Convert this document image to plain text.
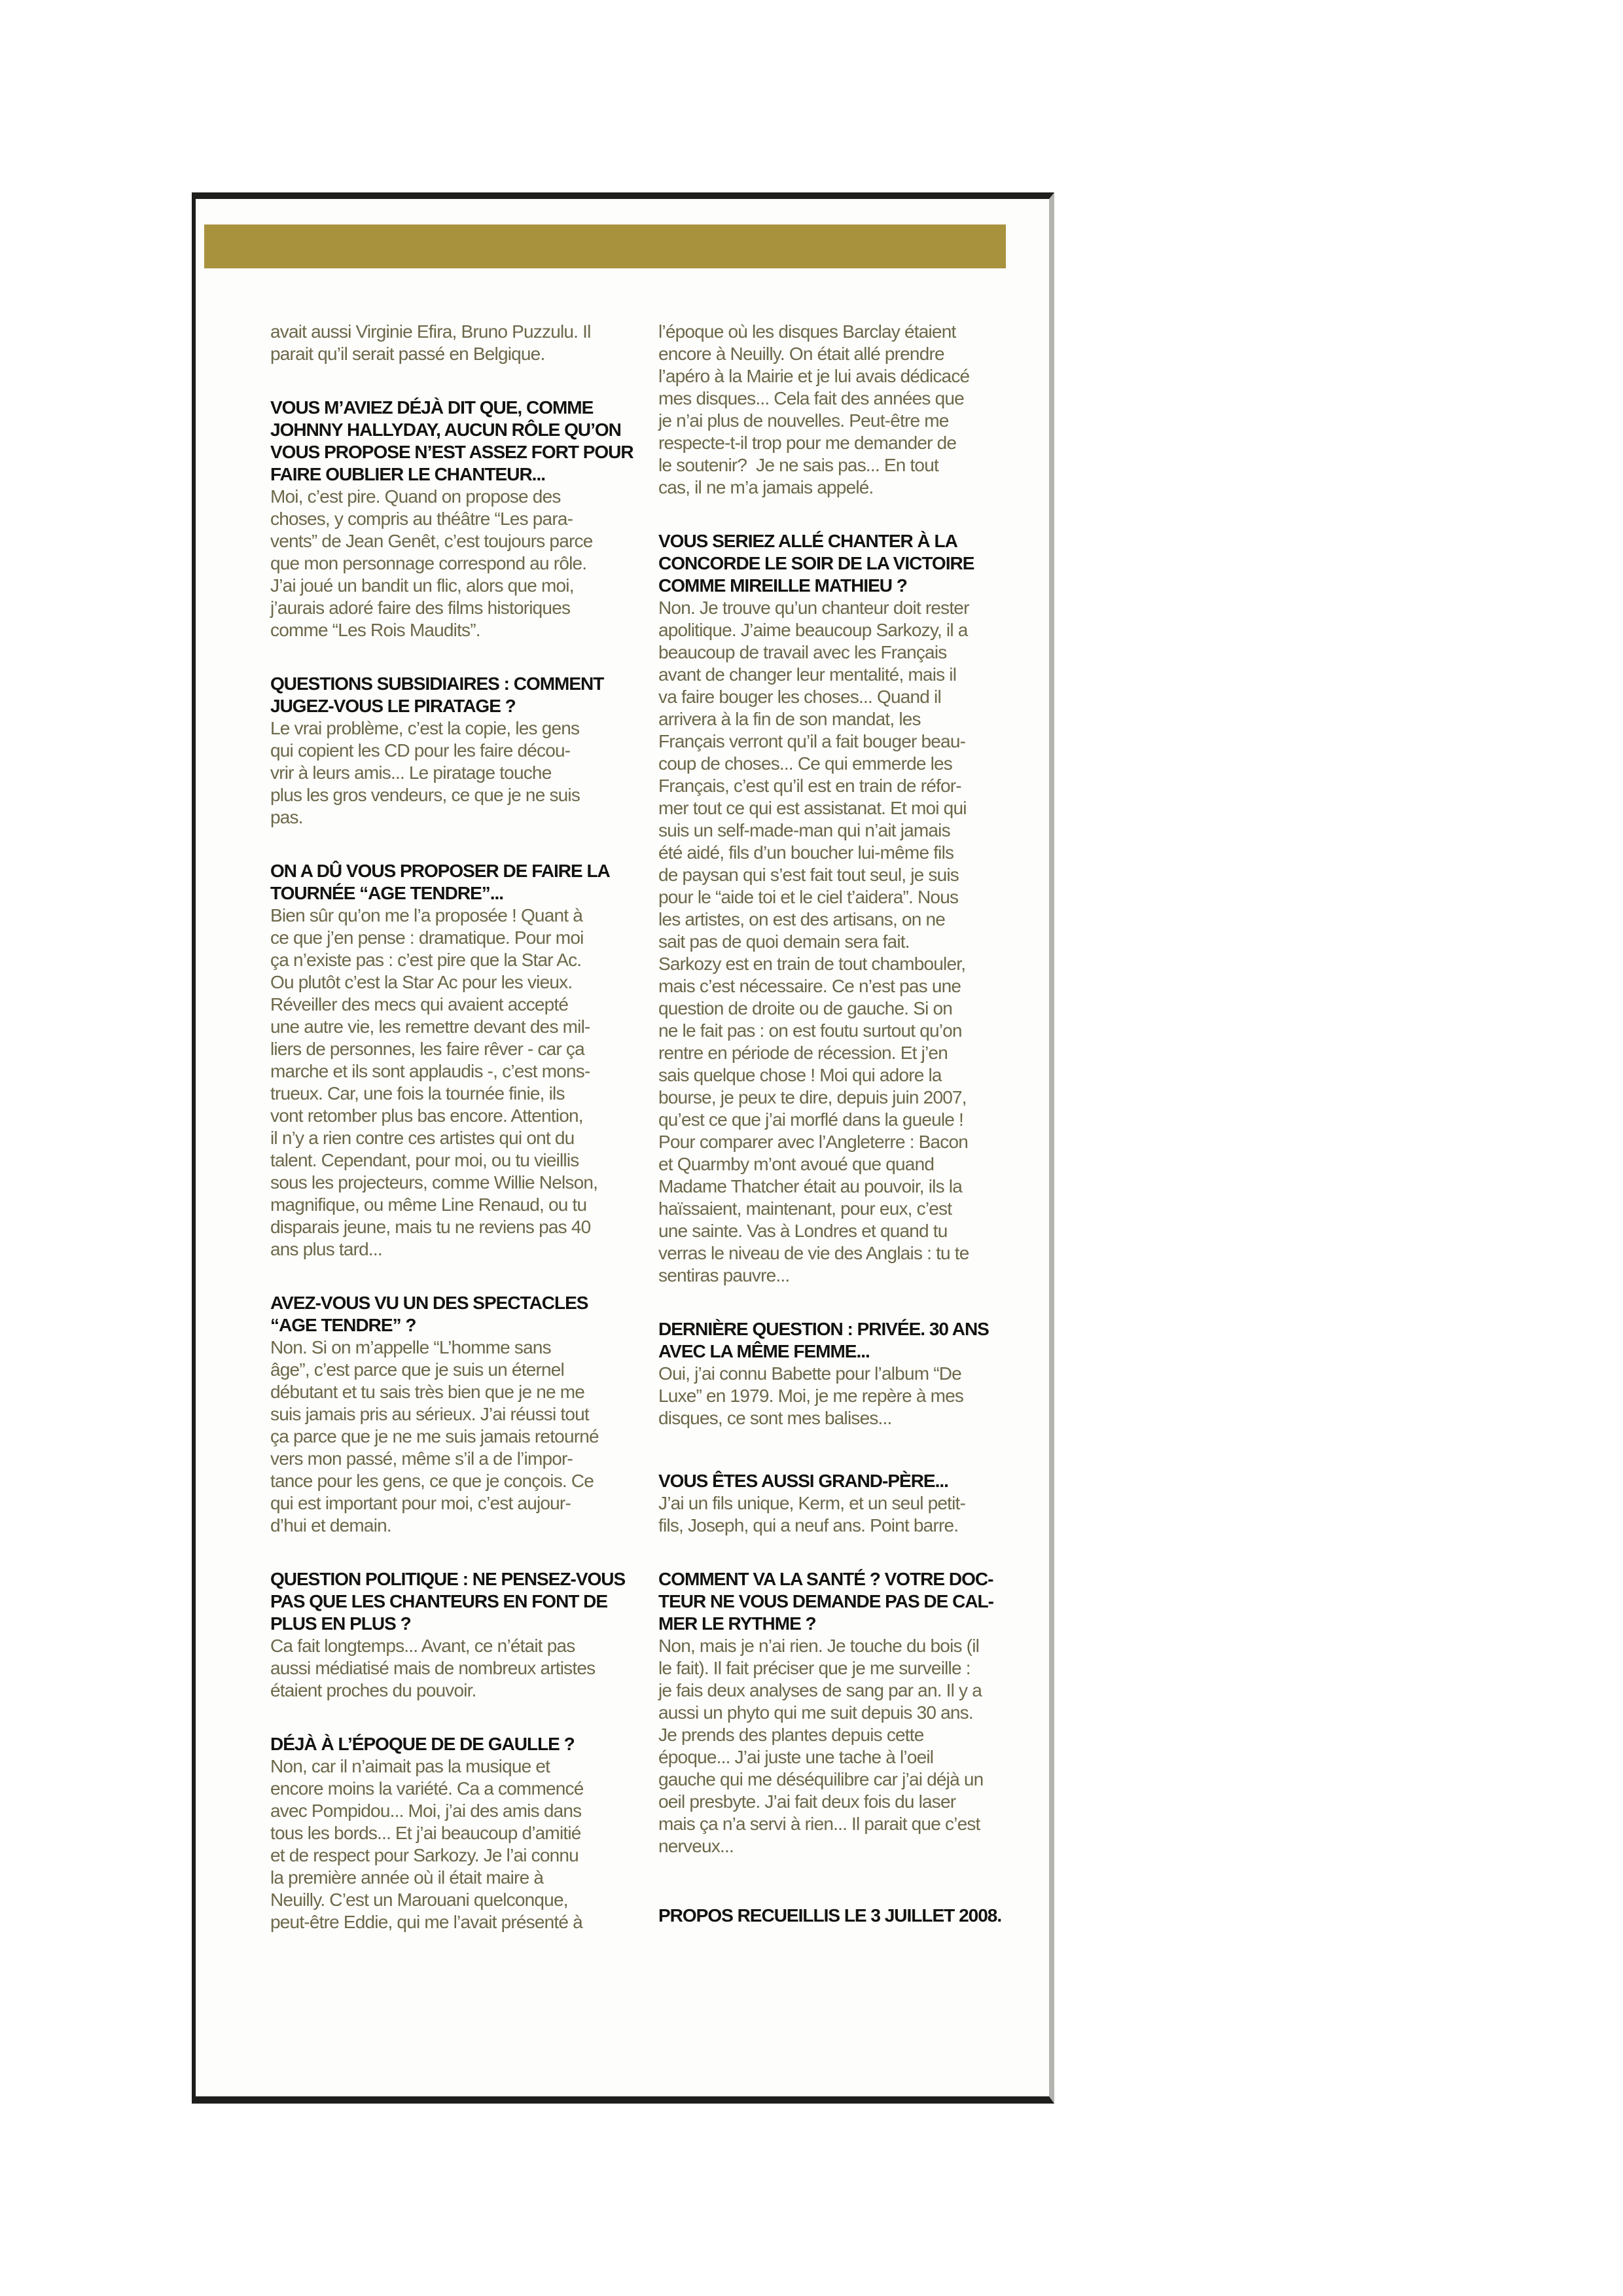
avait aussi Virginie Efira, Bruno Puzzulu. Il
parait qu’il serait passé en Belgique.
VOUS M’AVIEZ DÉJÀ DIT QUE, COMME
JOHNNY HALLYDAY, AUCUN RÔLE QU’ON
VOUS PROPOSE N’EST ASSEZ FORT POUR
FAIRE OUBLIER LE CHANTEUR...
Moi, c’est pire. Quand on propose des
choses, y compris au théâtre “Les para-
vents” de Jean Genêt, c’est toujours parce
que mon personnage correspond au rôle.
J’ai joué un bandit un flic, alors que moi,
j’aurais adoré faire des films historiques
comme “Les Rois Maudits”.
QUESTIONS SUBSIDIAIRES : COMMENT
JUGEZ-VOUS LE PIRATAGE ?
Le vrai problème, c’est la copie, les gens
qui copient les CD pour les faire décou-
vrir à leurs amis... Le piratage touche
plus les gros vendeurs, ce que je ne suis
pas.
ON A DÛ VOUS PROPOSER DE FAIRE LA
TOURNÉE “AGE TENDRE”...
Bien sûr qu’on me l’a proposée ! Quant à
ce que j’en pense : dramatique. Pour moi
ça n’existe pas : c’est pire que la Star Ac.
Ou plutôt c’est la Star Ac pour les vieux.
Réveiller des mecs qui avaient accepté
une autre vie, les remettre devant des mil-
liers de personnes, les faire rêver - car ça
marche et ils sont applaudis -, c’est mons-
trueux. Car, une fois la tournée finie, ils
vont retomber plus bas encore. Attention,
il n’y a rien contre ces artistes qui ont du
talent. Cependant, pour moi, ou tu vieillis
sous les projecteurs, comme Willie Nelson,
magnifique, ou même Line Renaud, ou tu
disparais jeune, mais tu ne reviens pas 40
ans plus tard...
AVEZ-VOUS VU UN DES SPECTACLES
“AGE TENDRE” ?
Non. Si on m’appelle “L’homme sans
âge”, c’est parce que je suis un éternel
débutant et tu sais très bien que je ne me
suis jamais pris au sérieux. J’ai réussi tout
ça parce que je ne me suis jamais retourné
vers mon passé, même s’il a de l’impor-
tance pour les gens, ce que je conçois. Ce
qui est important pour moi, c’est aujour-
d’hui et demain.
QUESTION POLITIQUE : NE PENSEZ-VOUS
PAS QUE LES CHANTEURS EN FONT DE
PLUS EN PLUS ?
Ca fait longtemps... Avant, ce n’était pas
aussi médiatisé mais de nombreux artistes
étaient proches du pouvoir.
DÉJÀ À L’ÉPOQUE DE DE GAULLE ?
Non, car il n’aimait pas la musique et
encore moins la variété. Ca a commencé
avec Pompidou... Moi, j’ai des amis dans
tous les bords... Et j’ai beaucoup d’amitié
et de respect pour Sarkozy. Je l’ai connu
la première année où il était maire à
Neuilly. C’est un Marouani quelconque,
peut-être Eddie, qui me l’avait présenté à
l’époque où les disques Barclay étaient
encore à Neuilly. On était allé prendre
l’apéro à la Mairie et je lui avais dédicacé
mes disques... Cela fait des années que
je n’ai plus de nouvelles. Peut-être me
respecte-t-il trop pour me demander de
le soutenir?  Je ne sais pas... En tout
cas, il ne m’a jamais appelé.
VOUS SERIEZ ALLÉ CHANTER À LA
CONCORDE LE SOIR DE LA VICTOIRE
COMME MIREILLE MATHIEU ?
Non. Je trouve qu’un chanteur doit rester
apolitique. J’aime beaucoup Sarkozy, il a
beaucoup de travail avec les Français
avant de changer leur mentalité, mais il
va faire bouger les choses... Quand il
arrivera à la fin de son mandat, les
Français verront qu’il a fait bouger beau-
coup de choses... Ce qui emmerde les
Français, c’est qu’il est en train de réfor-
mer tout ce qui est assistanat. Et moi qui
suis un self-made-man qui n’ait jamais
été aidé, fils d’un boucher lui-même fils
de paysan qui s’est fait tout seul, je suis
pour le “aide toi et le ciel t’aidera”. Nous
les artistes, on est des artisans, on ne
sait pas de quoi demain sera fait.
Sarkozy est en train de tout chambouler,
mais c’est nécessaire. Ce n’est pas une
question de droite ou de gauche. Si on
ne le fait pas : on est foutu surtout qu’on
rentre en période de récession. Et j’en
sais quelque chose ! Moi qui adore la
bourse, je peux te dire, depuis juin 2007,
qu’est ce que j’ai morflé dans la gueule !
Pour comparer avec l’Angleterre : Bacon
et Quarmby m’ont avoué que quand
Madame Thatcher était au pouvoir, ils la
haïssaient, maintenant, pour eux, c’est
une sainte. Vas à Londres et quand tu
verras le niveau de vie des Anglais : tu te
sentiras pauvre...
DERNIÈRE QUESTION : PRIVÉE. 30 ANS
AVEC LA MÊME FEMME...
Oui, j’ai connu Babette pour l’album “De
Luxe” en 1979. Moi, je me repère à mes
disques, ce sont mes balises...
VOUS ÊTES AUSSI GRAND-PÈRE...
J’ai un fils unique, Kerm, et un seul petit-
fils, Joseph, qui a neuf ans. Point barre.
COMMENT VA LA SANTÉ ? VOTRE DOC-
TEUR NE VOUS DEMANDE PAS DE CAL-
MER LE RYTHME ?
Non, mais je n’ai rien. Je touche du bois (il
le fait). Il fait préciser que je me surveille :
je fais deux analyses de sang par an. Il y a
aussi un phyto qui me suit depuis 30 ans.
Je prends des plantes depuis cette
époque... J’ai juste une tache à l’oeil
gauche qui me déséquilibre car j’ai déjà un
oeil presbyte. J’ai fait deux fois du laser
mais ça n’a servi à rien... Il parait que c’est
nerveux...
PROPOS RECUEILLIS LE 3 JUILLET 2008.
